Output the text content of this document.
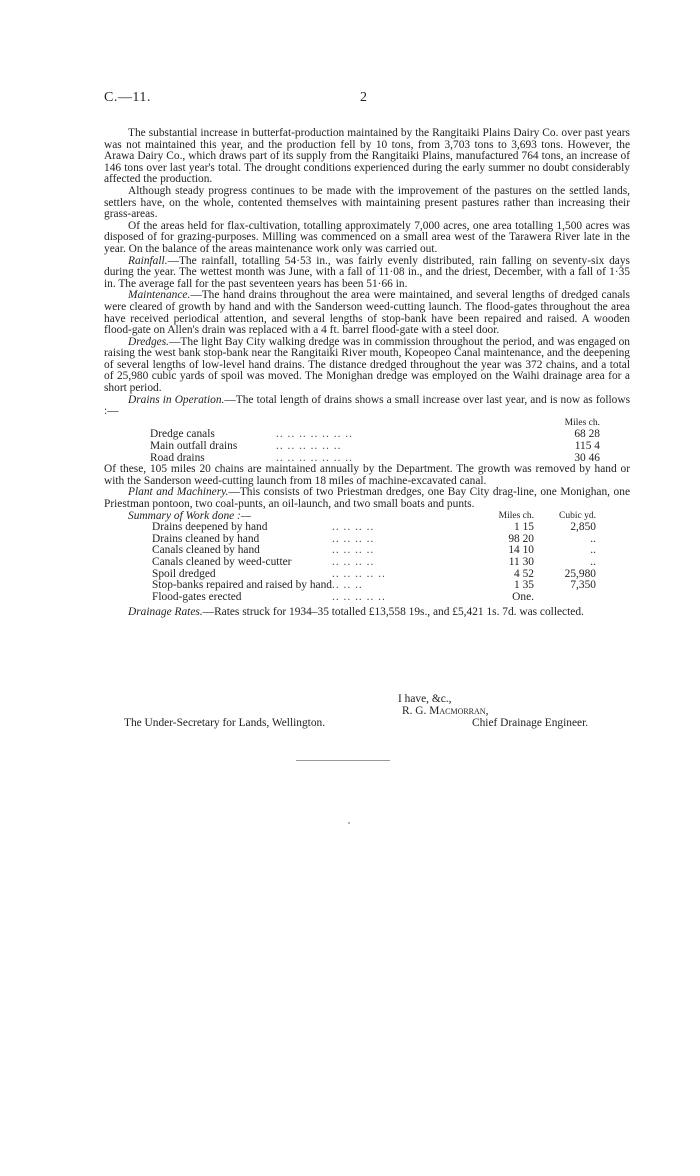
C.—11.	2

The substantial increase in butterfat-production maintained by the Rangitaiki Plains Dairy Co. over past years was not maintained this year, and the production fell by 10 tons, from 3,703 tons to 3,693 tons. However, the Arawa Dairy Co., which draws part of its supply from the Rangitaiki Plains, manufactured 764 tons, an increase of 146 tons over last year's total. The drought conditions experienced during the early summer no doubt considerably affected the production.

Although steady progress continues to be made with the improvement of the pastures on the settled lands, settlers have, on the whole, contented themselves with maintaining present pastures rather than increasing their grass-areas.

Of the areas held for flax-cultivation, totalling approximately 7,000 acres, one area totalling 1,500 acres was disposed of for grazing-purposes. Milling was commenced on a small area west of the Tarawera River late in the year. On the balance of the areas maintenance work only was carried out.

Rainfall.—The rainfall, totalling 54·53 in., was fairly evenly distributed, rain falling on seventy-six days during the year. The wettest month was June, with a fall of 11·08 in., and the driest, December, with a fall of 1·35 in. The average fall for the past seventeen years has been 51·66 in.

Maintenance.—The hand drains throughout the area were maintained, and several lengths of dredged canals were cleared of growth by hand and with the Sanderson weed-cutting launch. The flood-gates throughout the area have received periodical attention, and several lengths of stop-bank have been repaired and raised. A wooden flood-gate on Allen's drain was replaced with a 4 ft. barrel flood-gate with a steel door.

Dredges.—The light Bay City walking dredge was in commission throughout the period, and was engaged on raising the west bank stop-bank near the Rangitaiki River mouth, Kopeopeo Canal maintenance, and the deepening of several lengths of low-level hand drains. The distance dredged throughout the year was 372 chains, and a total of 25,980 cubic yards of spoil was moved. The Monighan dredge was employed on the Waihi drainage area for a short period.

Drains in Operation.—The total length of drains shows a small increase over last year, and is now as follows :—

		Miles ch.
Dredge canals	.. .. .. .. .. .. ..	68 28
Main outfall drains	.. .. .. .. .. ..	115 4
Road drains	.. .. .. .. .. .. ..	30 46

Of these, 105 miles 20 chains are maintained annually by the Department. The growth was removed by hand or with the Sanderson weed-cutting launch from 18 miles of machine-excavated canal.

Plant and Machinery.—This consists of two Priestman dredges, one Bay City drag-line, one Monighan, one Priestman pontoon, two coal-punts, an oil-launch, and two small boats and punts.

Summary of Work done :—		Miles ch.	Cubic yd.
Drains deepened by hand	.. .. .. ..	1 15	2,850
Drains cleaned by hand	.. .. .. ..	98 20	..
Canals cleaned by hand	.. .. .. ..	14 10	..
Canals cleaned by weed-cutter	.. .. .. ..	11 30	..
Spoil dredged	.. .. .. .. ..	4 52	25,980
Stop-banks repaired and raised by hand	.. .. ..	1 35	7,350
Flood-gates erected	.. .. .. .. ..	One.	

Drainage Rates.—Rates struck for 1934–35 totalled £13,558 19s., and £5,421 1s. 7d. was collected.

I have, &c.,
R. G. Macmorran,
The Under-Secretary for Lands, Wellington.	Chief Drainage Engineer.
